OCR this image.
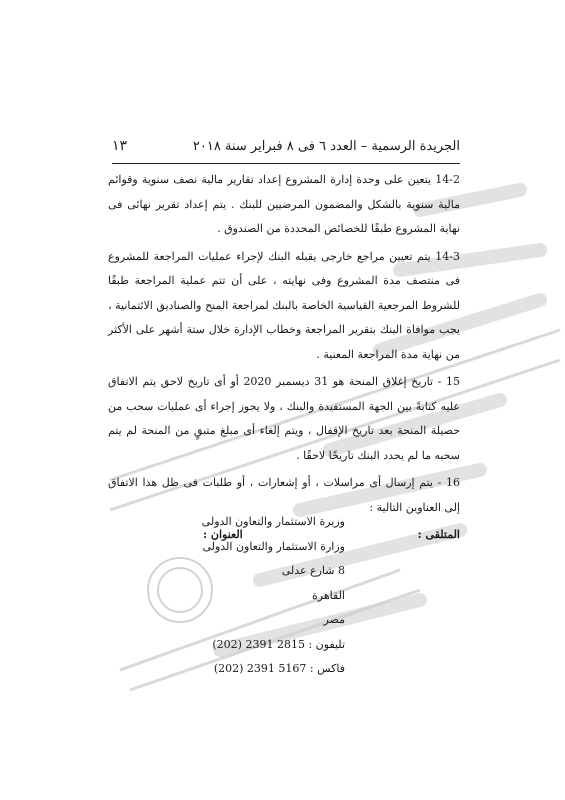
الجريدة الرسمية – العدد ٦ فى ٨ فبراير سنة ٢٠١٨
١٣

14-2 يتعين على وحدة إدارة المشروع إعداد تقارير مالية نصف سنوية وقوائم مالية سنوية بالشكل والمضمون المرضيين للبنك . يتم إعداد تقرير نهائى فى نهاية المشروع طبقًا للخصائص المحددة من الصندوق .

14-3 يتم تعيين مراجع خارجى يقبله البنك لإجراء عمليات المراجعة للمشروع فى منتصف مدة المشروع وفى نهايته ، على أن تتم عملية المراجعة طبقًا للشروط المرجعية القياسية الخاصة بالبنك لمراجعة المنح والصناديق الائتمانية ، يجب موافاة البنك بتقرير المراجعة وخطاب الإدارة خلال ستة أشهر على الأكثر من نهاية مدة المراجعة المعنية .

15 - تاريخ إغلاق المنحة هو 31 ديسمبر 2020 أو أى تاريخ لاحق يتم الاتفاق عليه كتابةً بين الجهة المستفيدة والبنك ، ولا يجوز إجراء أى عمليات سحب من حصيلة المنحة بعد تاريخ الإقفال ، ويتم إلغاء أى مبلغ متبقٍ من المنحة لم يتم سحبه ما لم يحدد البنك تاريخًا لاحقًا .

16 - يتم إرسال أى مراسلات ، أو إشعارات ، أو طلبات فى ظل هذا الاتفاق إلى العناوين التالية :

المتلقى :
العنوان :
وزيرة الاستثمار والتعاون الدولى
وزارة الاستثمار والتعاون الدولى
8 شارع عدلى
القاهرة
مصر
تليفون : 2815 2391 (202)
فاكس : 5167 2391 (202)
